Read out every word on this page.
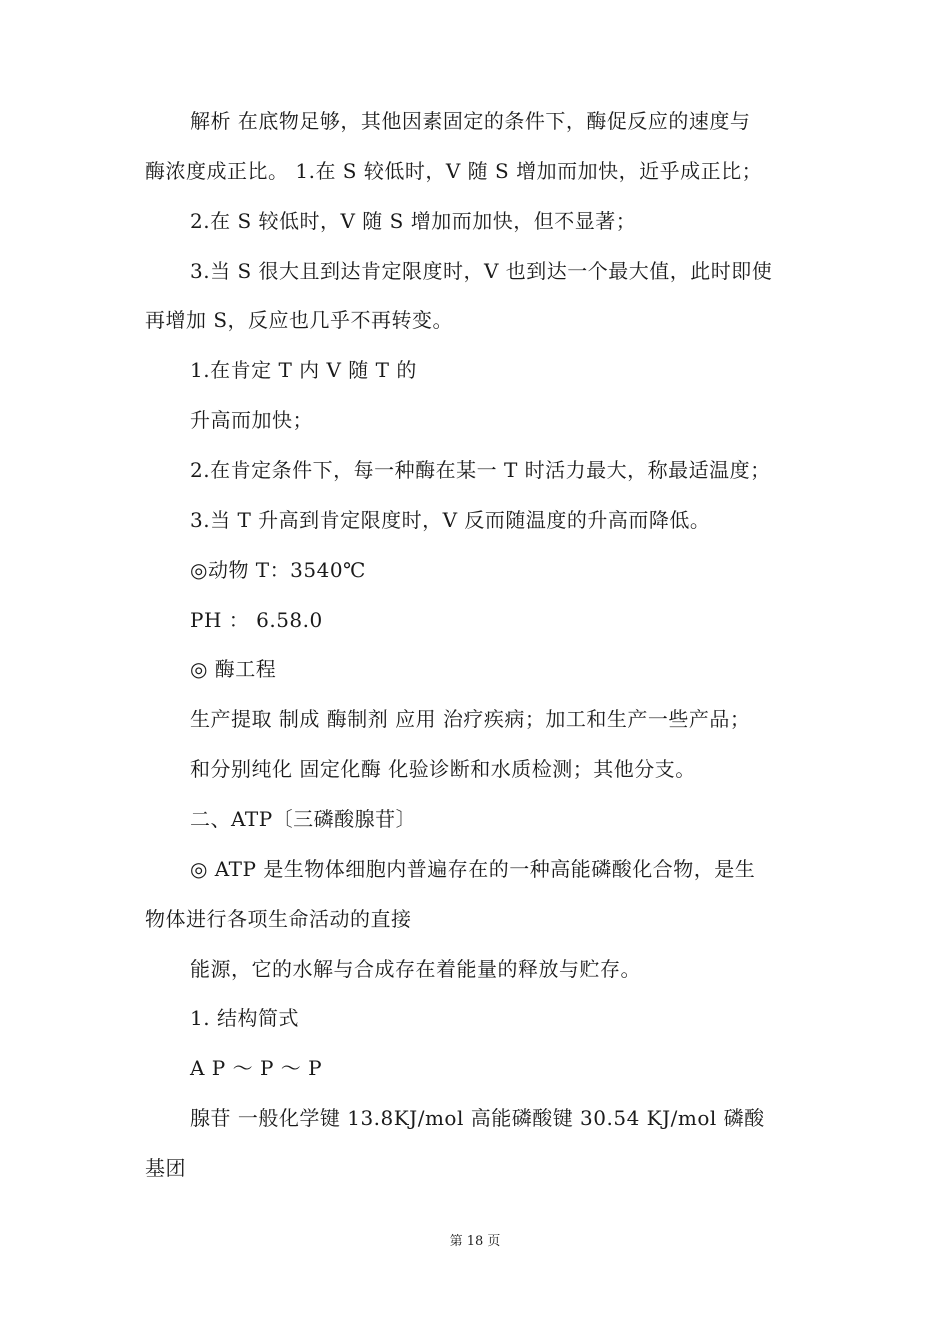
解析 在底物足够，其他因素固定的条件下，酶促反应的速度与
酶浓度成正比。 1.在 S 较低时，V 随 S 增加而加快，近乎成正比；
2.在 S 较低时，V 随 S 增加而加快，但不显著；
3.当 S 很大且到达肯定限度时，V 也到达一个最大值，此时即使
再增加 S，反应也几乎不再转变。
1.在肯定 T 内 V 随 T 的
升高而加快；
2.在肯定条件下，每一种酶在某一 T 时活力最大，称最适温度；
3.当 T 升高到肯定限度时，V 反而随温度的升高而降低。
◎动物 T：3540℃
PH ： 6.58.0
◎ 酶工程
生产提取 制成 酶制剂 应用 治疗疾病；加工和生产一些产品；
和分别纯化 固定化酶 化验诊断和水质检测；其他分支。
二、ATP〔三磷酸腺苷〕
◎ ATP 是生物体细胞内普遍存在的一种高能磷酸化合物，是生
物体进行各项生命活动的直接
能源，它的水解与合成存在着能量的释放与贮存。
1. 结构简式
A P ～ P ～ P
腺苷 一般化学键 13.8KJ/mol 高能磷酸键 30.54 KJ/mol 磷酸
基团
第 18 页
